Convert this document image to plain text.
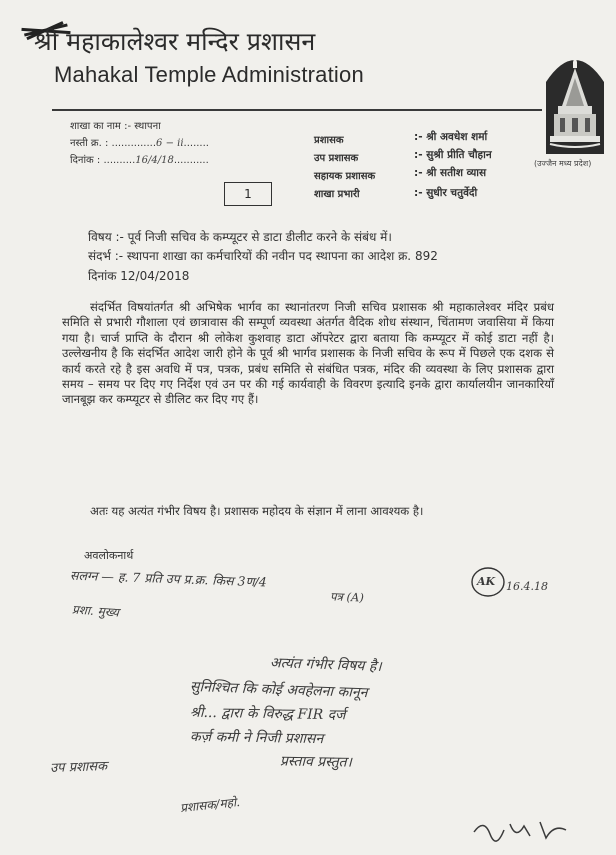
श्री महाकालेश्वर मन्दिर प्रशासन
Mahakal Temple Administration
(उज्जैन मध्य प्रदेश)
शाखा का नाम :- स्थापना
नस्ती क्र. : ..............6 − ii........
दिनांक : ..........16/4/18...........
प्रशासक	:- श्री अवधेश शर्मा
उप प्रशासक	:- सुश्री प्रीति चौहान
सहायक प्रशासक	:- श्री सतीश व्यास
शाखा प्रभारी	:- सुधीर चतुर्वेदी
1
विषय :- पूर्व निजी सचिव के कम्प्यूटर से डाटा डीलीट करने के संबंध में।
संदर्भ :- स्थापना शाखा का कर्मचारियों की नवीन पद स्थापना का आदेश क्र. 892
दिनांक 12/04/2018
संदर्भित विषयांतर्गत श्री अभिषेक भार्गव का स्थानांतरण निजी सचिव प्रशासक श्री महाकालेश्वर मंदिर प्रबंध समिति से प्रभारी गौशाला एवं छात्रावास की सम्पूर्ण व्यवस्था अंतर्गत वैदिक शोध संस्थान, चिंतामण जवासिया में किया गया है। चार्ज प्राप्ति के दौरान श्री लोकेश कुशवाह डाटा ऑपरेटर द्वारा बताया कि कम्प्यूटर में कोई डाटा नहीं है। उल्लेखनीय है कि संदर्भित आदेश जारी होने के पूर्व श्री भार्गव प्रशासक के निजी सचिव के रूप में पिछले एक दशक से कार्य करते रहे है इस अवधि में पत्र, पत्रक, प्रबंध समिति से संबंधित पत्रक, मंदिर की व्यवस्था के लिए प्रशासक द्वारा समय – समय पर दिए गए निर्देश एवं उन पर की गई कार्यवाही के विवरण इत्यादि इनके द्वारा कार्यालयीन जानकारियाँ जानबूझ कर कम्प्यूटर से डीलिट कर दिए गए हैं।
अतः यह अत्यंत गंभीर विषय है। प्रशासक महोदय के संज्ञान में लाना आवश्यक है।
अवलोकनार्थ
सलग्न — ह. 7 प्रति उप प्र.क्र. किस 3ण/4
पत्र (A)
प्रशा. मुख्य
AK 16.4.18
अत्यंत गंभीर विषय है।
सुनिश्चित कि कोई अवहेलना कानून
श्री... द्वारा के विरुद्ध FIR दर्ज
कर्ज़ कमी ने निजी प्रशासन
प्रस्ताव प्रस्तुत।
उप प्रशासक
प्रशासक/महो.
